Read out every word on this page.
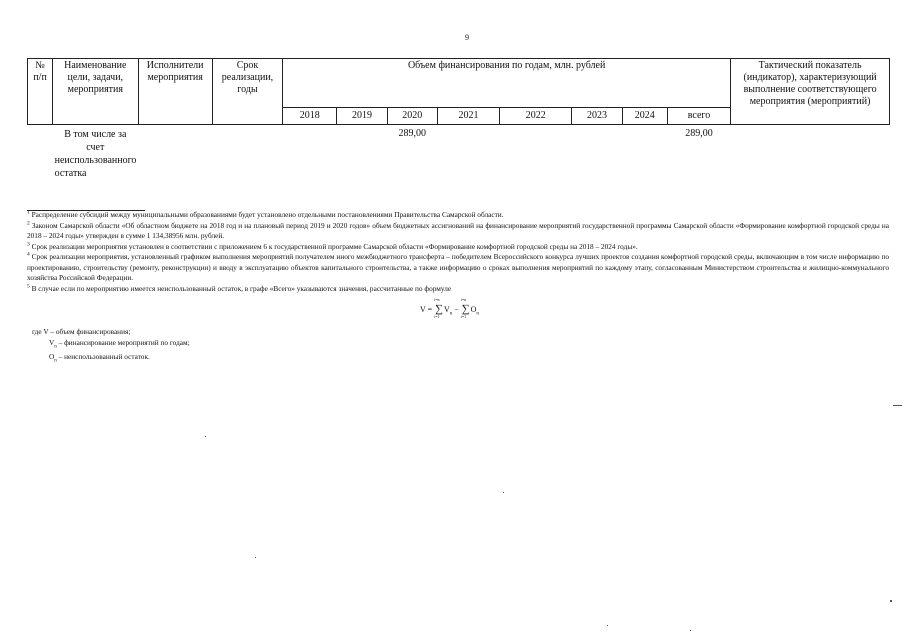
9
№ п/п	Наименование цели, задачи, мероприятия	Исполнители мероприятия	Срок реализации, годы	Объем финансирования по годам, млн. рублей								Тактический показатель (индикатор), характеризующий выполнение соответствующего мероприятия (мероприятий)
				2018	2019	2020	2021	2022	2023	2024	всего	
	В том числе за счет неиспользованного остатка					289,00					289,00	

$^1$ Распределение субсидий между муниципальными образованиями будет установлено отдельными постановлениями Правительства Самарской области.

$^2$ Законом Самарской области «Об областном бюджете на 2018 год и на плановый период 2019 и 2020 годов» объем бюджетных ассигнований на финансирование мероприятий государственной программы Самарской области «Формирование комфортной городской среды на 2018 – 2024 годы» утвержден в сумме 1 134,38956 млн. рублей.

$^3$ Срок реализации мероприятия установлен в соответствии с приложением 6 к государственной программе Самарской области «Формирование комфортной городской среды на 2018 – 2024 годы».

$^4$ Срок реализации мероприятия, установленный графиком выполнения мероприятий получателем иного межбюджетного трансферта – победителем Всероссийского конкурса лучших проектов создания комфортной городской среды, включающим в том числе информацию по проектированию, строительству (ремонту, реконструкции) и вводу в эксплуатацию объектов капитального строительства, а также информацию о сроках выполнения мероприятий по каждому этапу, согласованным Министерством строительства и жилищно-коммунального хозяйства Российской Федерации.

$^5$ В случае если по мероприятию имеется неиспользованный остаток, в графе «Всего» указываются значения, рассчитанные по формуле

V = ∑
i=n
i=1
$V_n$ − ∑
i=n
i=1
$O_n$

где V – объем финансирования;

$V_n$ – финансирование мероприятий по годам;

$O_n$ – неиспользованный остаток.
